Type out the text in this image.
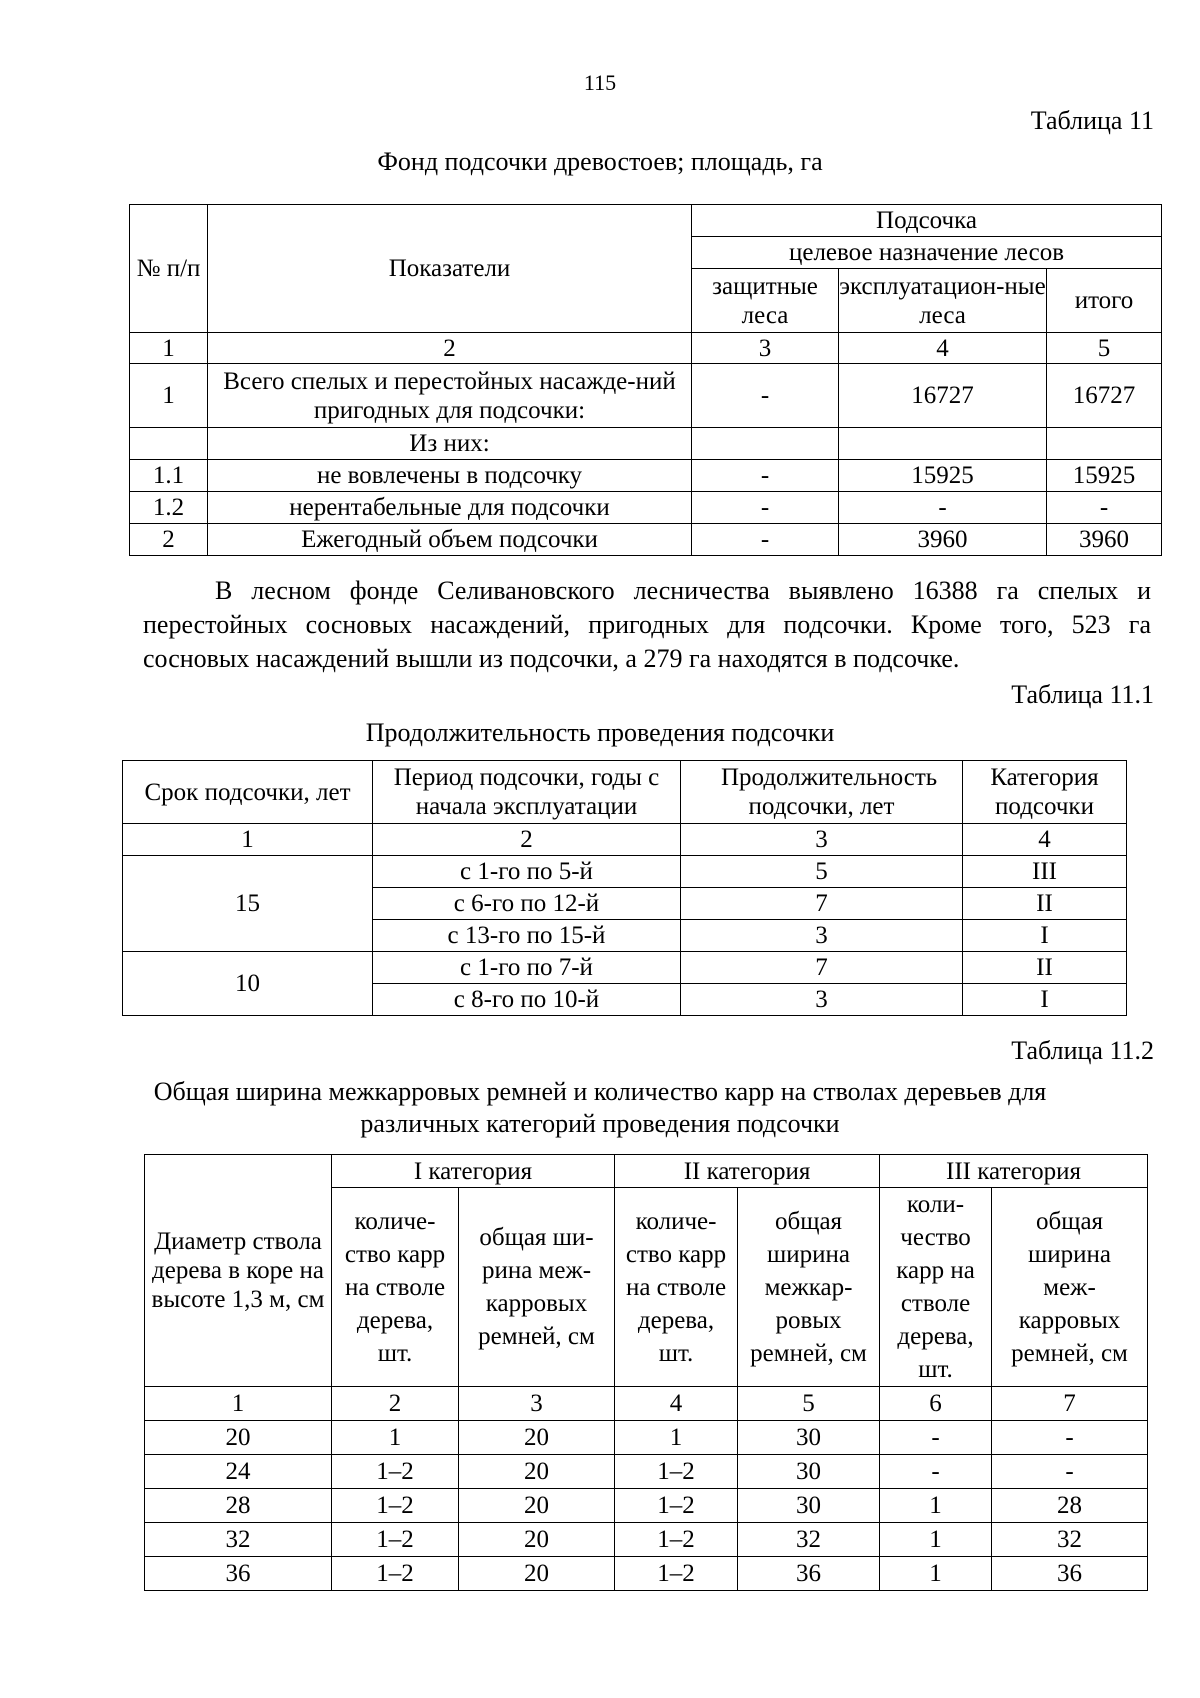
115
Таблица 11
Фонд подсочки древостоев; площадь, га
№ п/п	Показатели	Подсочка		
		целевое назначение лесов		
		защитные леса	эксплуатацион-ные леса	итого
1	2	3	4	5
1	Всего спелых и перестойных насажде-ний пригодных для подсочки:	-	16727	16727
	Из них:			
1.1	не вовлечены в подсочку	-	15925	15925
1.2	нерентабельные для подсочки	-	-	-
2	Ежегодный объем подсочки	-	3960	3960
В лесном фонде Селивановского лесничества выявлено 16388 га спелых и перестойных сосновых насаждений, пригодных для подсочки. Кроме того, 523 га сосновых насаждений вышли из подсочки, а 279 га находятся в подсочке.
Таблица 11.1
Продолжительность проведения подсочки
Срок подсочки, лет	Период подсочки, годы с начала эксплуатации	Продолжительность подсочки, лет	Категория подсочки
1	2	3	4
15	с 1-го по 5-й	5	III
	с 6-го по 12-й	7	II
	с 13-го по 15-й	3	I
10	с 1-го по 7-й	7	II
	с 8-го по 10-й	3	I
Таблица 11.2
Общая ширина межкарровых ремней и количество карр на стволах деревьев для различных категорий проведения подсочки
Диаметр ствола дерева в коре на высоте 1,3 м, см	I категория		II категория		III категория	
	количе-ство карр на стволе дерева, шт.	общая ши-рина меж-карровых ремней, см	количе-ство карр на стволе дерева, шт.	общая ширина межкар-ровых ремней, см	коли-чество карр на стволе дерева, шт.	общая ширина меж-карровых ремней, см
1	2	3	4	5	6	7
20	1	20	1	30	-	-
24	1–2	20	1–2	30	-	-
28	1–2	20	1–2	30	1	28
32	1–2	20	1–2	32	1	32
36	1–2	20	1–2	36	1	36
